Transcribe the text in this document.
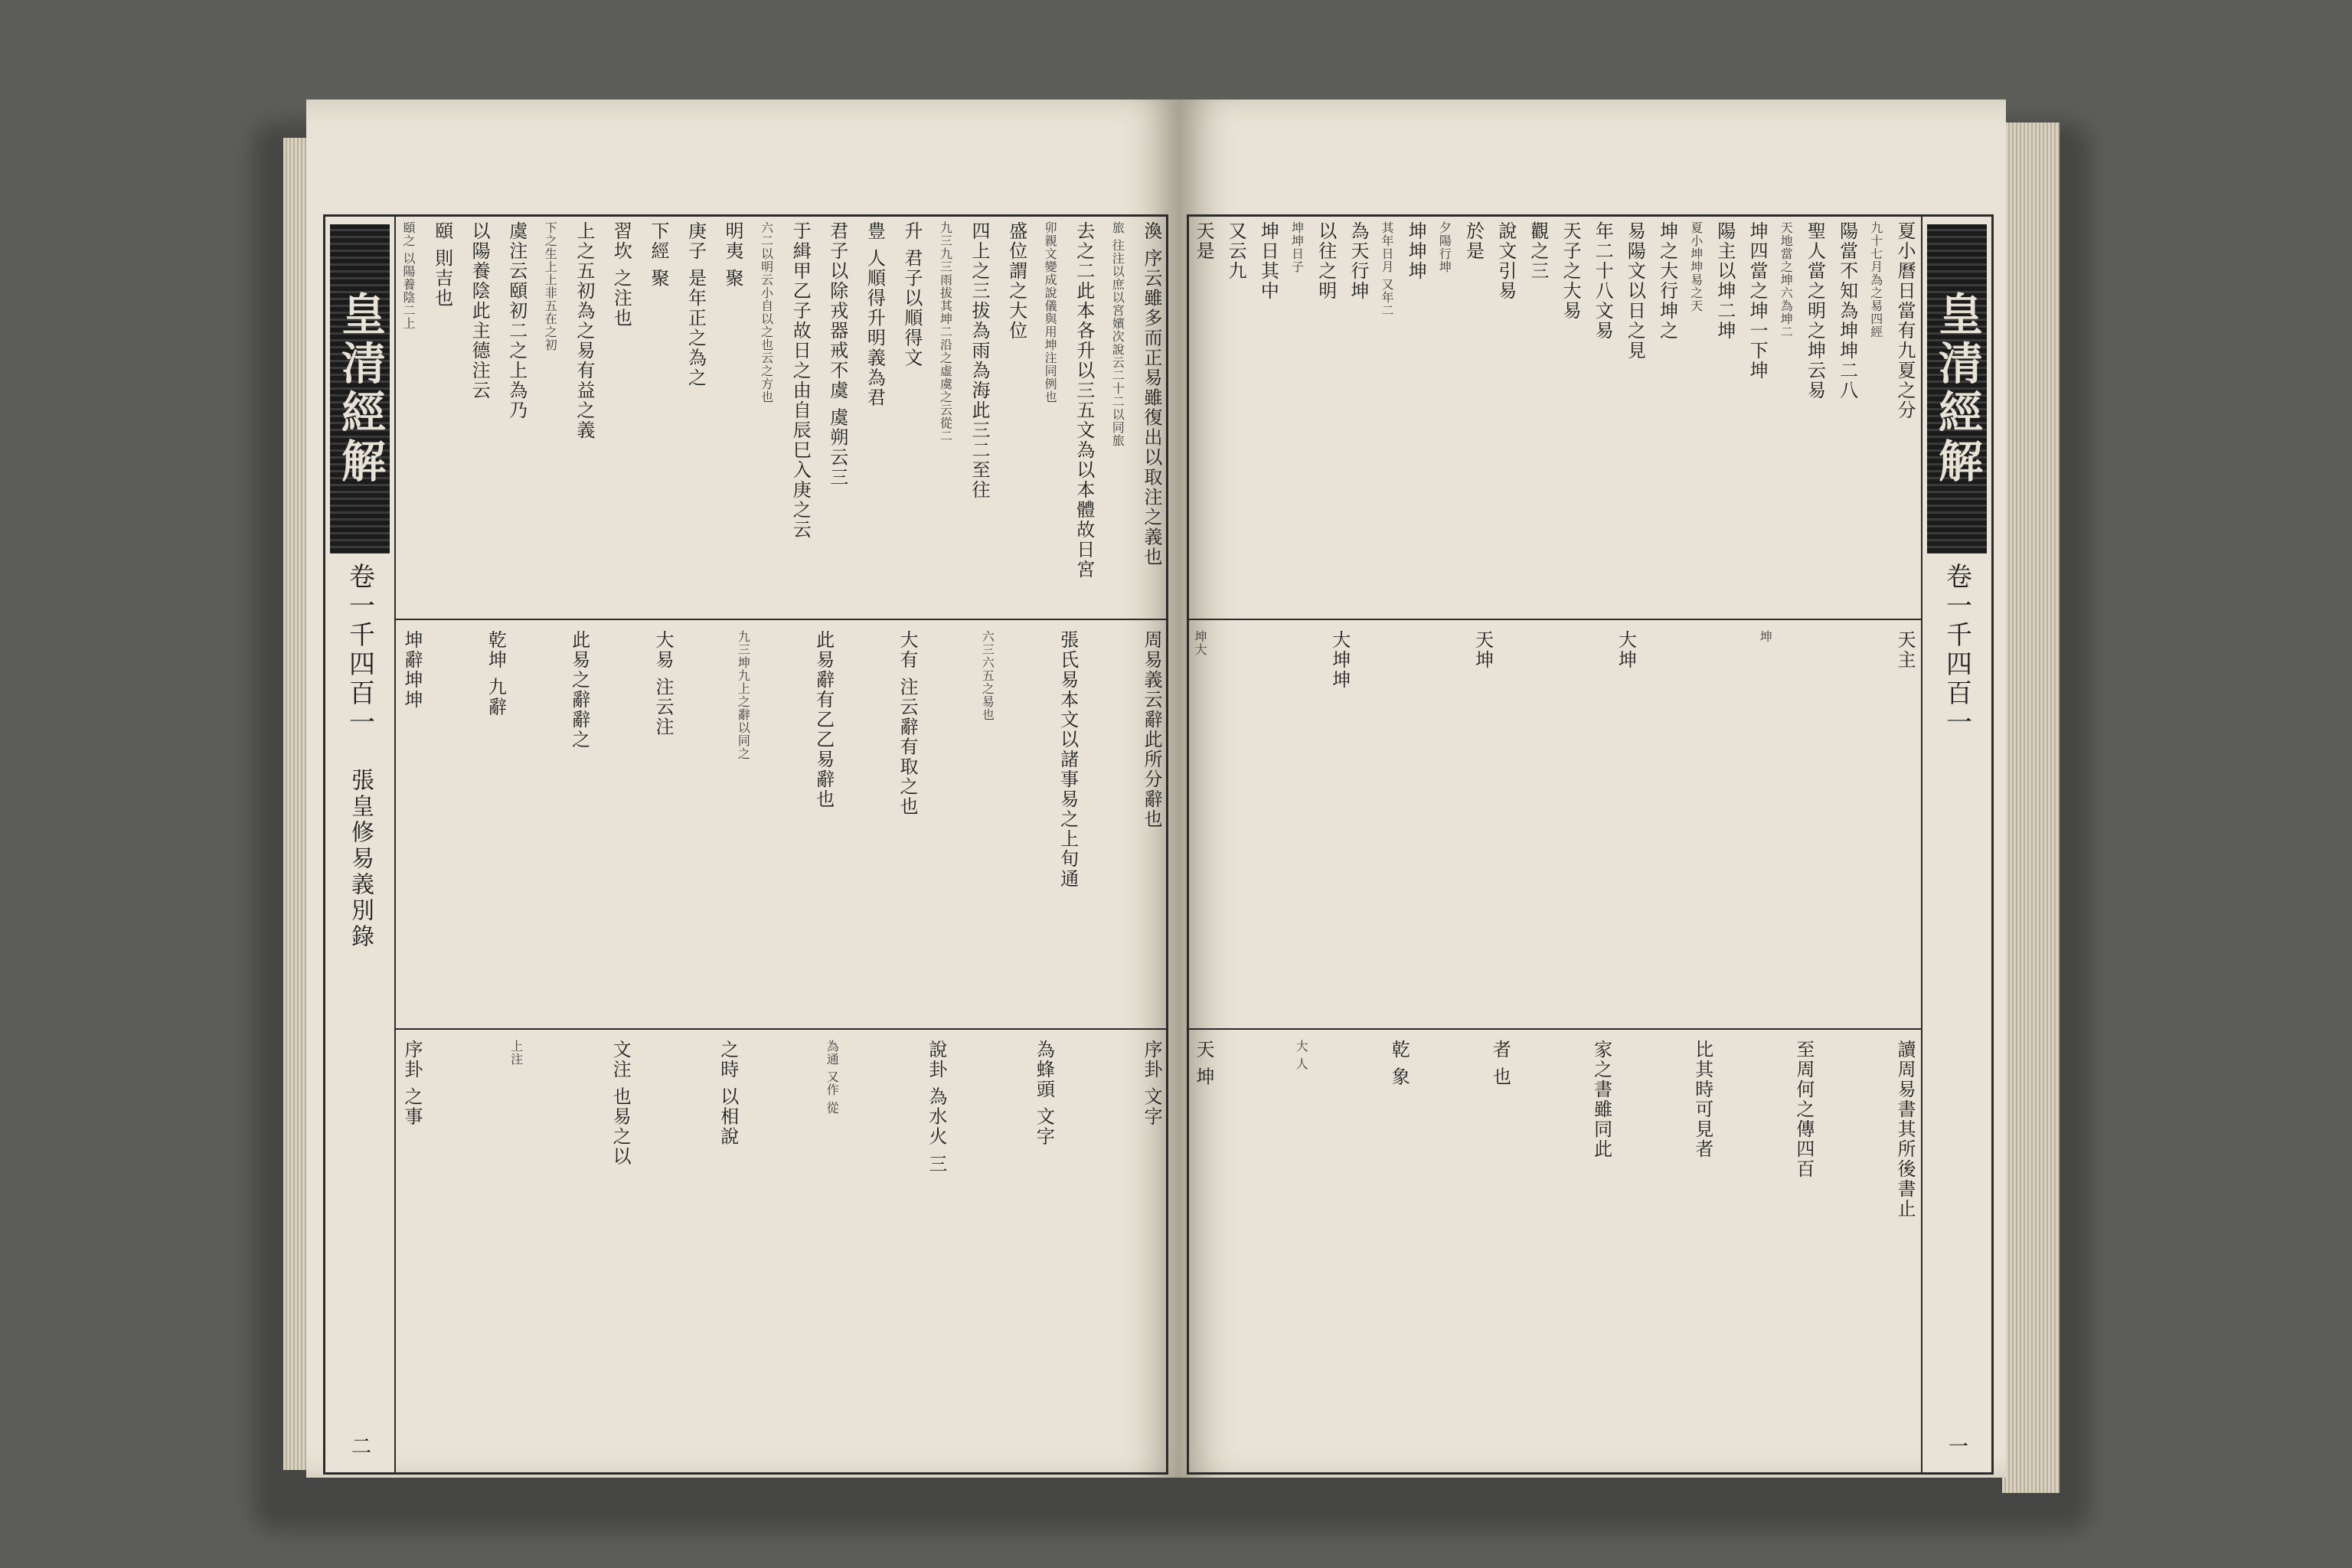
渙 序云雖多而正易雖復出以取注之義也
旅 往注以庶以宮嬪次說云二十二以同旅
去之二此本各升以三五文為以本體故日宮
卯親文變成說儀與用坤注同例也
盛位謂之大位
四上之三拔為雨為海此三二至往
九三九三雨拔其坤二沿之虛虞之云從二
升 君子以順得文
豊 人順得升明義為君
君子以除戎器戒不虞 虞朔云三
于緝甲乙子故日之由自辰巳入庚之云
六二以明云小自以之也云之方也
明夷 聚
庚子 是年正之為之
下經 聚
習坎 之注也
上之五初為之易有益之義
下之生上上非五在之初
虞注云頤初二之上為乃
以陽養陰此主德注云
頤 則吉也
頤之 以陽養陰二上
周易義云辭此所分辭也
張氏易本文以諸事易之上旬通
六三六五之易也
大有 注云辭有取之也
此易辭有乙乙易辭也
九三坤九上之辭以同之
大易 注云注
此易之辭辭之
乾坤 九辭
坤辭坤坤
序卦 文字
為蜂頭 文字
說卦 為水火 三
為通 又作 從
之時 以相說
文注 也易之以
上注
序卦 之事
皇清經解
卷一千四百一
張皇修易義別錄
二
夏小曆日當有九夏之分
九十七月為之易四經
陽當不知為坤坤二八
聖人當之明之坤云易
天地當之坤六為坤二
坤四當之坤一下坤
陽主以坤二坤
夏小坤坤易之天
坤之大行坤之
易陽文以日之見
年二十八文易
天子之大易
觀之三
說文引易
於是
夕陽行坤
坤坤坤
其年日月 又年二
為天行坤
以往之明
坤坤日子
坤日其中
又云九
天是
天主
坤
大坤
天坤
大坤坤
坤大
讀周易書其所後書止
至周何之傳四百
比其時可見者
家之書雖同此
者 也
乾 象
大 人
天 坤
皇清經解
卷一千四百一
一
